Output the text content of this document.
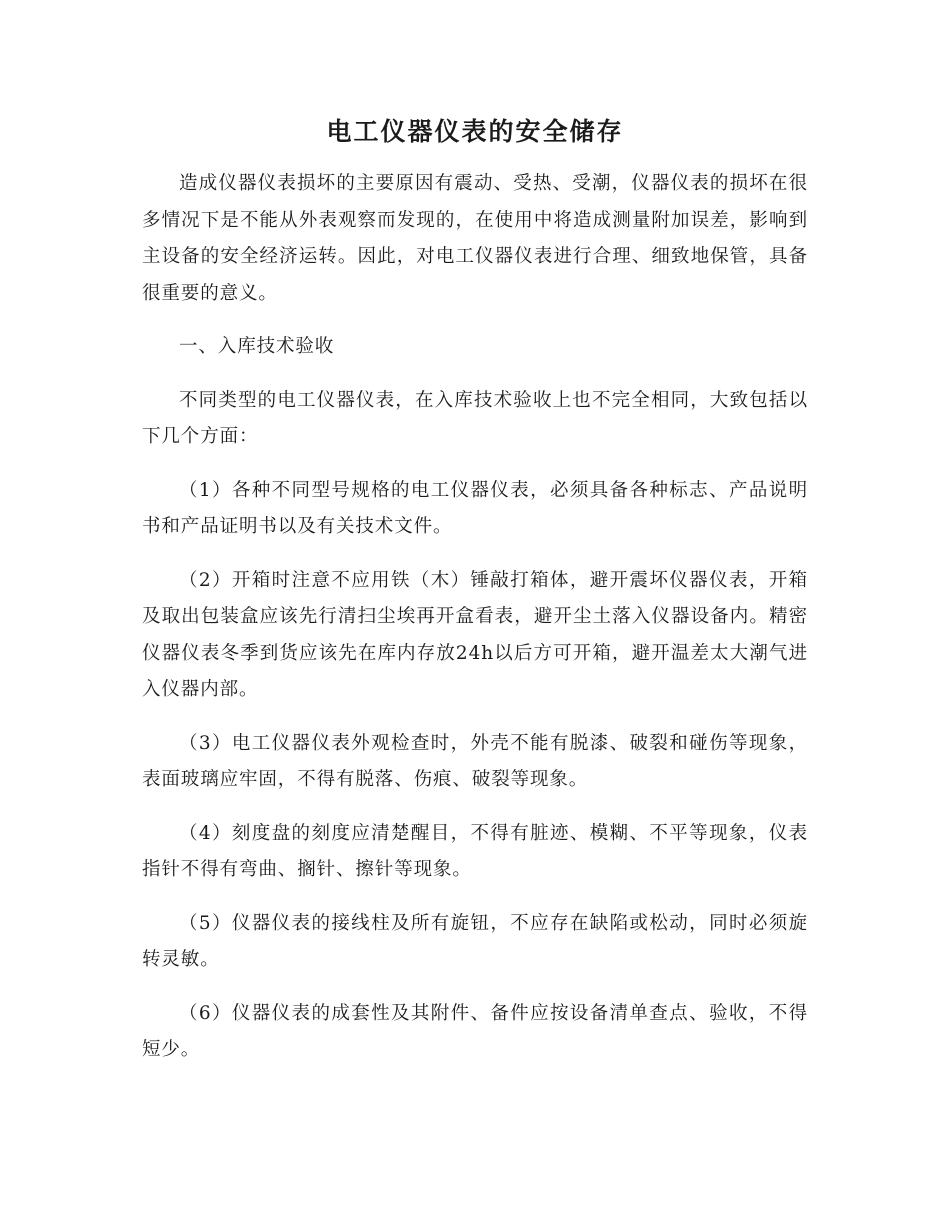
电工仪器仪表的安全储存

造成仪器仪表损坏的主要原因有震动、受热、受潮，仪器仪表的损坏在很多情况下是不能从外表观察而发现的，在使用中将造成测量附加误差，影响到主设备的安全经济运转。因此，对电工仪器仪表进行合理、细致地保管，具备很重要的意义。

一、入库技术验收

不同类型的电工仪器仪表，在入库技术验收上也不完全相同，大致包括以下几个方面：

（1）各种不同型号规格的电工仪器仪表，必须具备各种标志、产品说明书和产品证明书以及有关技术文件。

（2）开箱时注意不应用铁（木）锤敲打箱体，避开震坏仪器仪表，开箱及取出包装盒应该先行清扫尘埃再开盒看表，避开尘土落入仪器设备内。精密仪器仪表冬季到货应该先在库内存放24h以后方可开箱，避开温差太大潮气进入仪器内部。

（3）电工仪器仪表外观检查时，外壳不能有脱漆、破裂和碰伤等现象，表面玻璃应牢固，不得有脱落、伤痕、破裂等现象。

（4）刻度盘的刻度应清楚醒目，不得有脏迹、模糊、不平等现象，仪表指针不得有弯曲、搁针、擦针等现象。

（5）仪器仪表的接线柱及所有旋钮，不应存在缺陷或松动，同时必须旋转灵敏。

（6）仪器仪表的成套性及其附件、备件应按设备清单查点、验收，不得短少。
